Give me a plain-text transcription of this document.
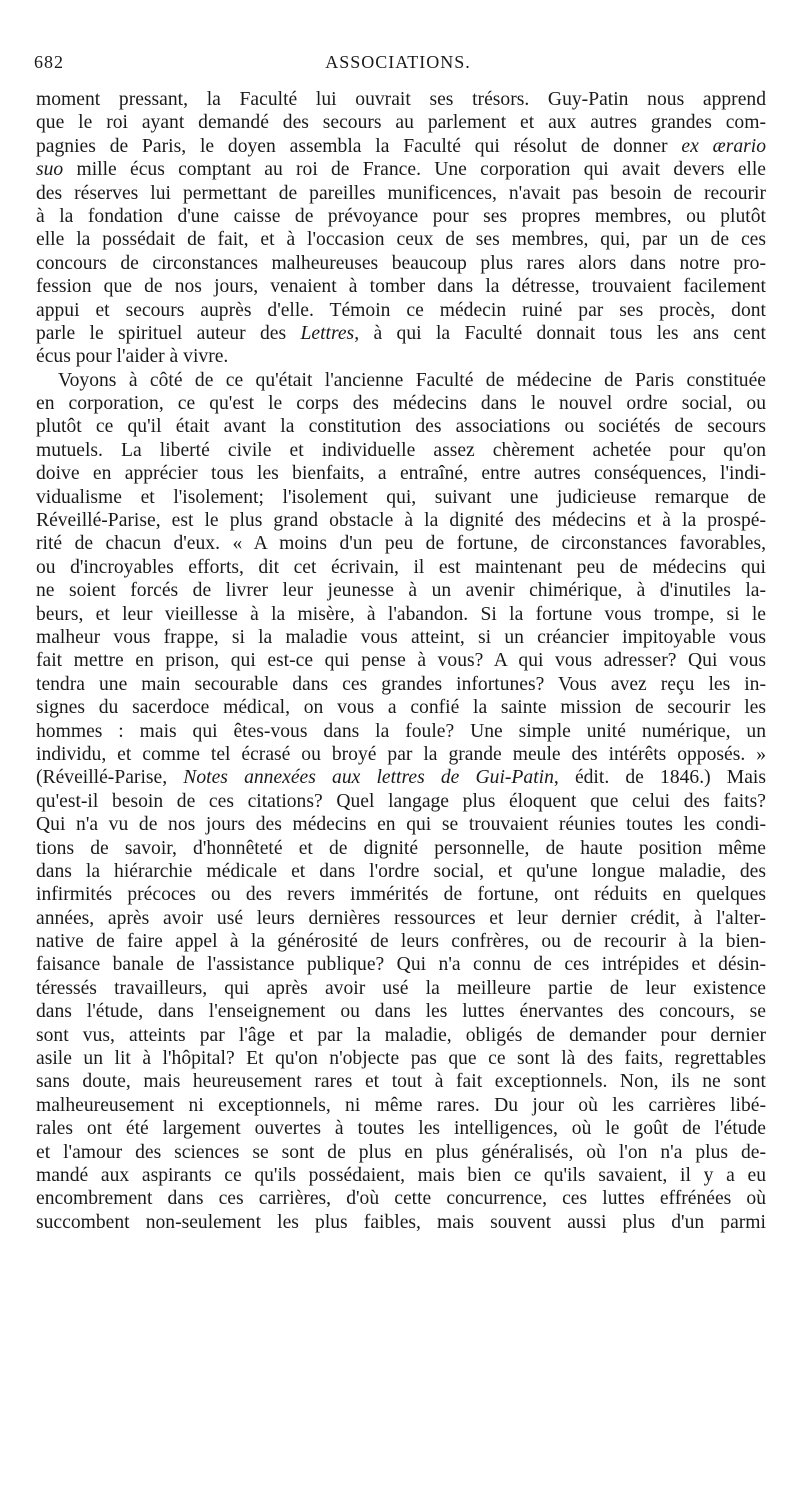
682	ASSOCIATIONS.
moment pressant, la Faculté lui ouvrait ses trésors. Guy-Patin nous apprend
que le roi ayant demandé des secours au parlement et aux autres grandes com-
pagnies de Paris, le doyen assembla la Faculté qui résolut de donner ex ærario
suo mille écus comptant au roi de France. Une corporation qui avait devers elle
des réserves lui permettant de pareilles munificences, n'avait pas besoin de recourir
à la fondation d'une caisse de prévoyance pour ses propres membres, ou plutôt
elle la possédait de fait, et à l'occasion ceux de ses membres, qui, par un de ces
concours de circonstances malheureuses beaucoup plus rares alors dans notre pro-
fession que de nos jours, venaient à tomber dans la détresse, trouvaient facilement
appui et secours auprès d'elle. Témoin ce médecin ruiné par ses procès, dont
parle le spirituel auteur des Lettres, à qui la Faculté donnait tous les ans cent
écus pour l'aider à vivre.
Voyons à côté de ce qu'était l'ancienne Faculté de médecine de Paris constituée
en corporation, ce qu'est le corps des médecins dans le nouvel ordre social, ou
plutôt ce qu'il était avant la constitution des associations ou sociétés de secours
mutuels. La liberté civile et individuelle assez chèrement achetée pour qu'on
doive en apprécier tous les bienfaits, a entraîné, entre autres conséquences, l'indi-
vidualisme et l'isolement; l'isolement qui, suivant une judicieuse remarque de
Réveillé-Parise, est le plus grand obstacle à la dignité des médecins et à la prospé-
rité de chacun d'eux. « A moins d'un peu de fortune, de circonstances favorables,
ou d'incroyables efforts, dit cet écrivain, il est maintenant peu de médecins qui
ne soient forcés de livrer leur jeunesse à un avenir chimérique, à d'inutiles la-
beurs, et leur vieillesse à la misère, à l'abandon. Si la fortune vous trompe, si le
malheur vous frappe, si la maladie vous atteint, si un créancier impitoyable vous
fait mettre en prison, qui est-ce qui pense à vous? A qui vous adresser? Qui vous
tendra une main secourable dans ces grandes infortunes? Vous avez reçu les in-
signes du sacerdoce médical, on vous a confié la sainte mission de secourir les
hommes : mais qui êtes-vous dans la foule? Une simple unité numérique, un
individu, et comme tel écrasé ou broyé par la grande meule des intérêts opposés. »
(Réveillé-Parise, Notes annexées aux lettres de Gui-Patin, édit. de 1846.) Mais
qu'est-il besoin de ces citations? Quel langage plus éloquent que celui des faits?
Qui n'a vu de nos jours des médecins en qui se trouvaient réunies toutes les condi-
tions de savoir, d'honnêteté et de dignité personnelle, de haute position même
dans la hiérarchie médicale et dans l'ordre social, et qu'une longue maladie, des
infirmités précoces ou des revers immérités de fortune, ont réduits en quelques
années, après avoir usé leurs dernières ressources et leur dernier crédit, à l'alter-
native de faire appel à la générosité de leurs confrères, ou de recourir à la bien-
faisance banale de l'assistance publique? Qui n'a connu de ces intrépides et désin-
téressés travailleurs, qui après avoir usé la meilleure partie de leur existence
dans l'étude, dans l'enseignement ou dans les luttes énervantes des concours, se
sont vus, atteints par l'âge et par la maladie, obligés de demander pour dernier
asile un lit à l'hôpital? Et qu'on n'objecte pas que ce sont là des faits, regrettables
sans doute, mais heureusement rares et tout à fait exceptionnels. Non, ils ne sont
malheureusement ni exceptionnels, ni même rares. Du jour où les carrières libé-
rales ont été largement ouvertes à toutes les intelligences, où le goût de l'étude
et l'amour des sciences se sont de plus en plus généralisés, où l'on n'a plus de-
mandé aux aspirants ce qu'ils possédaient, mais bien ce qu'ils savaient, il y a eu
encombrement dans ces carrières, d'où cette concurrence, ces luttes effrénées où
succombent non-seulement les plus faibles, mais souvent aussi plus d'un parmi
